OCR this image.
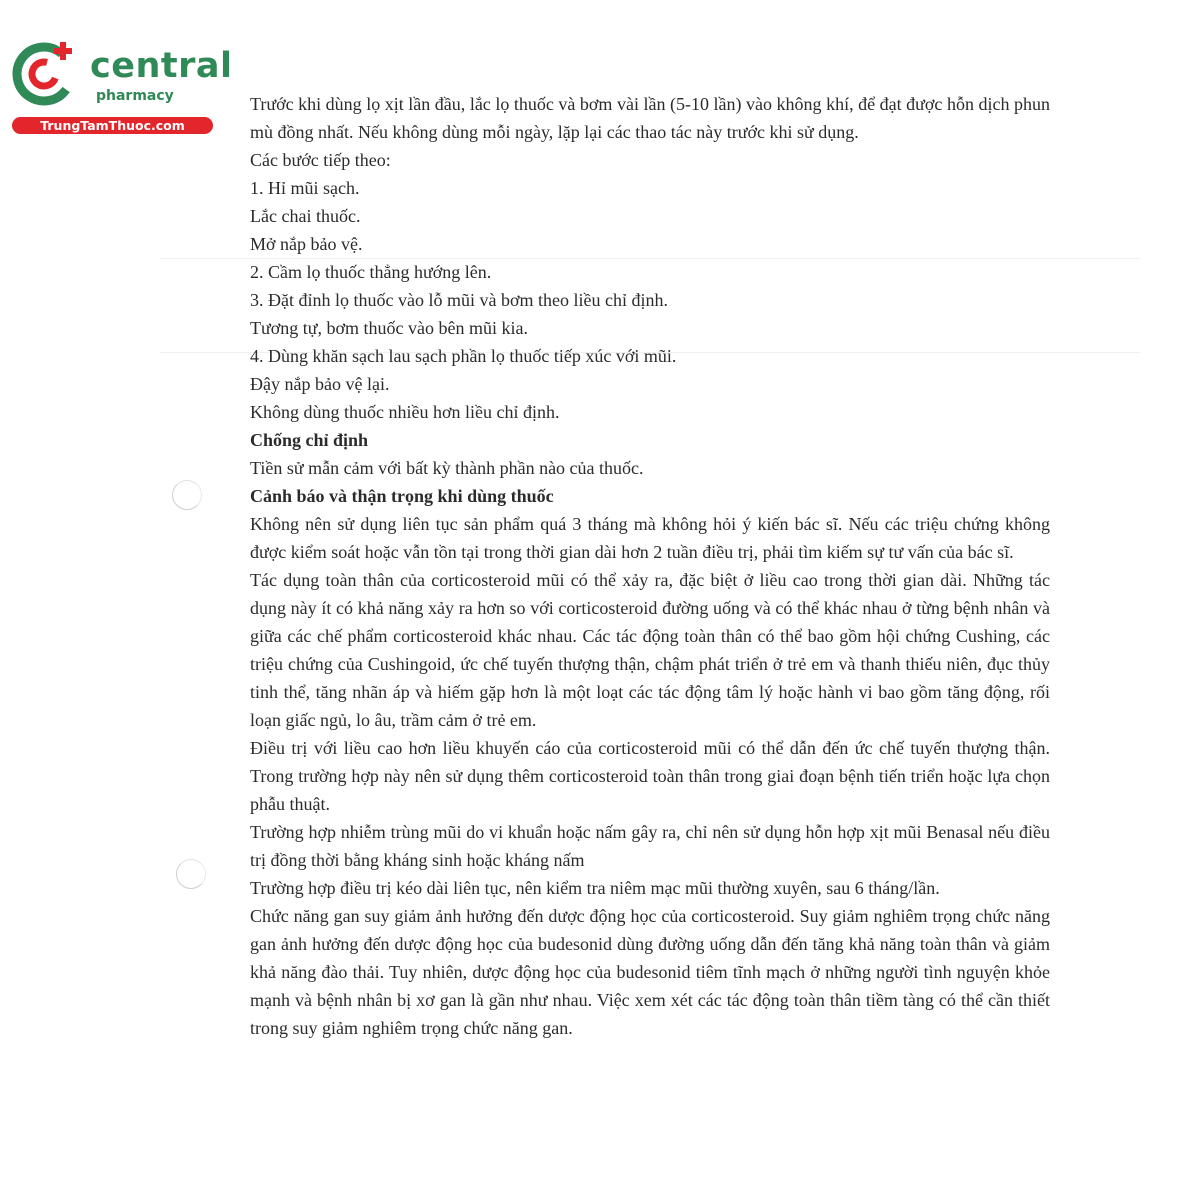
central
pharmacy
TrungTamThuoc.com

Trước khi dùng lọ xịt lần đầu, lắc lọ thuốc và bơm vài lần (5-10 lần) vào không khí, để đạt được hỗn dịch phun mù đồng nhất. Nếu không dùng mỗi ngày, lặp lại các thao tác này trước khi sử dụng.

Các bước tiếp theo:

1. Hỉ mũi sạch.

Lắc chai thuốc.

Mở nắp bảo vệ.

2. Cầm lọ thuốc thẳng hướng lên.

3. Đặt đỉnh lọ thuốc vào lỗ mũi và bơm theo liều chỉ định.

Tương tự, bơm thuốc vào bên mũi kia.

4. Dùng khăn sạch lau sạch phần lọ thuốc tiếp xúc với mũi.

Đậy nắp bảo vệ lại.

Không dùng thuốc nhiều hơn liều chỉ định.

Chống chỉ định

Tiền sử mẫn cảm với bất kỳ thành phần nào của thuốc.

Cảnh báo và thận trọng khi dùng thuốc

Không nên sử dụng liên tục sản phẩm quá 3 tháng mà không hỏi ý kiến bác sĩ. Nếu các triệu chứng không được kiểm soát hoặc vẫn tồn tại trong thời gian dài hơn 2 tuần điều trị, phải tìm kiếm sự tư vấn của bác sĩ.

Tác dụng toàn thân của corticosteroid mũi có thể xảy ra, đặc biệt ở liều cao trong thời gian dài. Những tác dụng này ít có khả năng xảy ra hơn so với corticosteroid đường uống và có thể khác nhau ở từng bệnh nhân và giữa các chế phẩm corticosteroid khác nhau. Các tác động toàn thân có thể bao gồm hội chứng Cushing, các triệu chứng của Cushingoid, ức chế tuyến thượng thận, chậm phát triển ở trẻ em và thanh thiếu niên, đục thủy tinh thể, tăng nhãn áp và hiếm gặp hơn là một loạt các tác động tâm lý hoặc hành vi bao gồm tăng động, rối loạn giấc ngủ, lo âu, trầm cảm ở trẻ em.

Điều trị với liều cao hơn liều khuyến cáo của corticosteroid mũi có thể dẫn đến ức chế tuyến thượng thận. Trong trường hợp này nên sử dụng thêm corticosteroid toàn thân trong giai đoạn bệnh tiến triển hoặc lựa chọn phẫu thuật.

Trường hợp nhiễm trùng mũi do vi khuẩn hoặc nấm gây ra, chỉ nên sử dụng hỗn hợp xịt mũi Benasal nếu điều trị đồng thời bằng kháng sinh hoặc kháng nấm

Trường hợp điều trị kéo dài liên tục, nên kiểm tra niêm mạc mũi thường xuyên, sau 6 tháng/lần.

Chức năng gan suy giảm ảnh hưởng đến dược động học của corticosteroid. Suy giảm nghiêm trọng chức năng gan ảnh hưởng đến dược động học của budesonid dùng đường uống dẫn đến tăng khả năng toàn thân và giảm khả năng đào thải. Tuy nhiên, dược động học của budesonid tiêm tĩnh mạch ở những người tình nguyện khỏe mạnh và bệnh nhân bị xơ gan là gần như nhau. Việc xem xét các tác động toàn thân tiềm tàng có thể cần thiết trong suy giảm nghiêm trọng chức năng gan.
